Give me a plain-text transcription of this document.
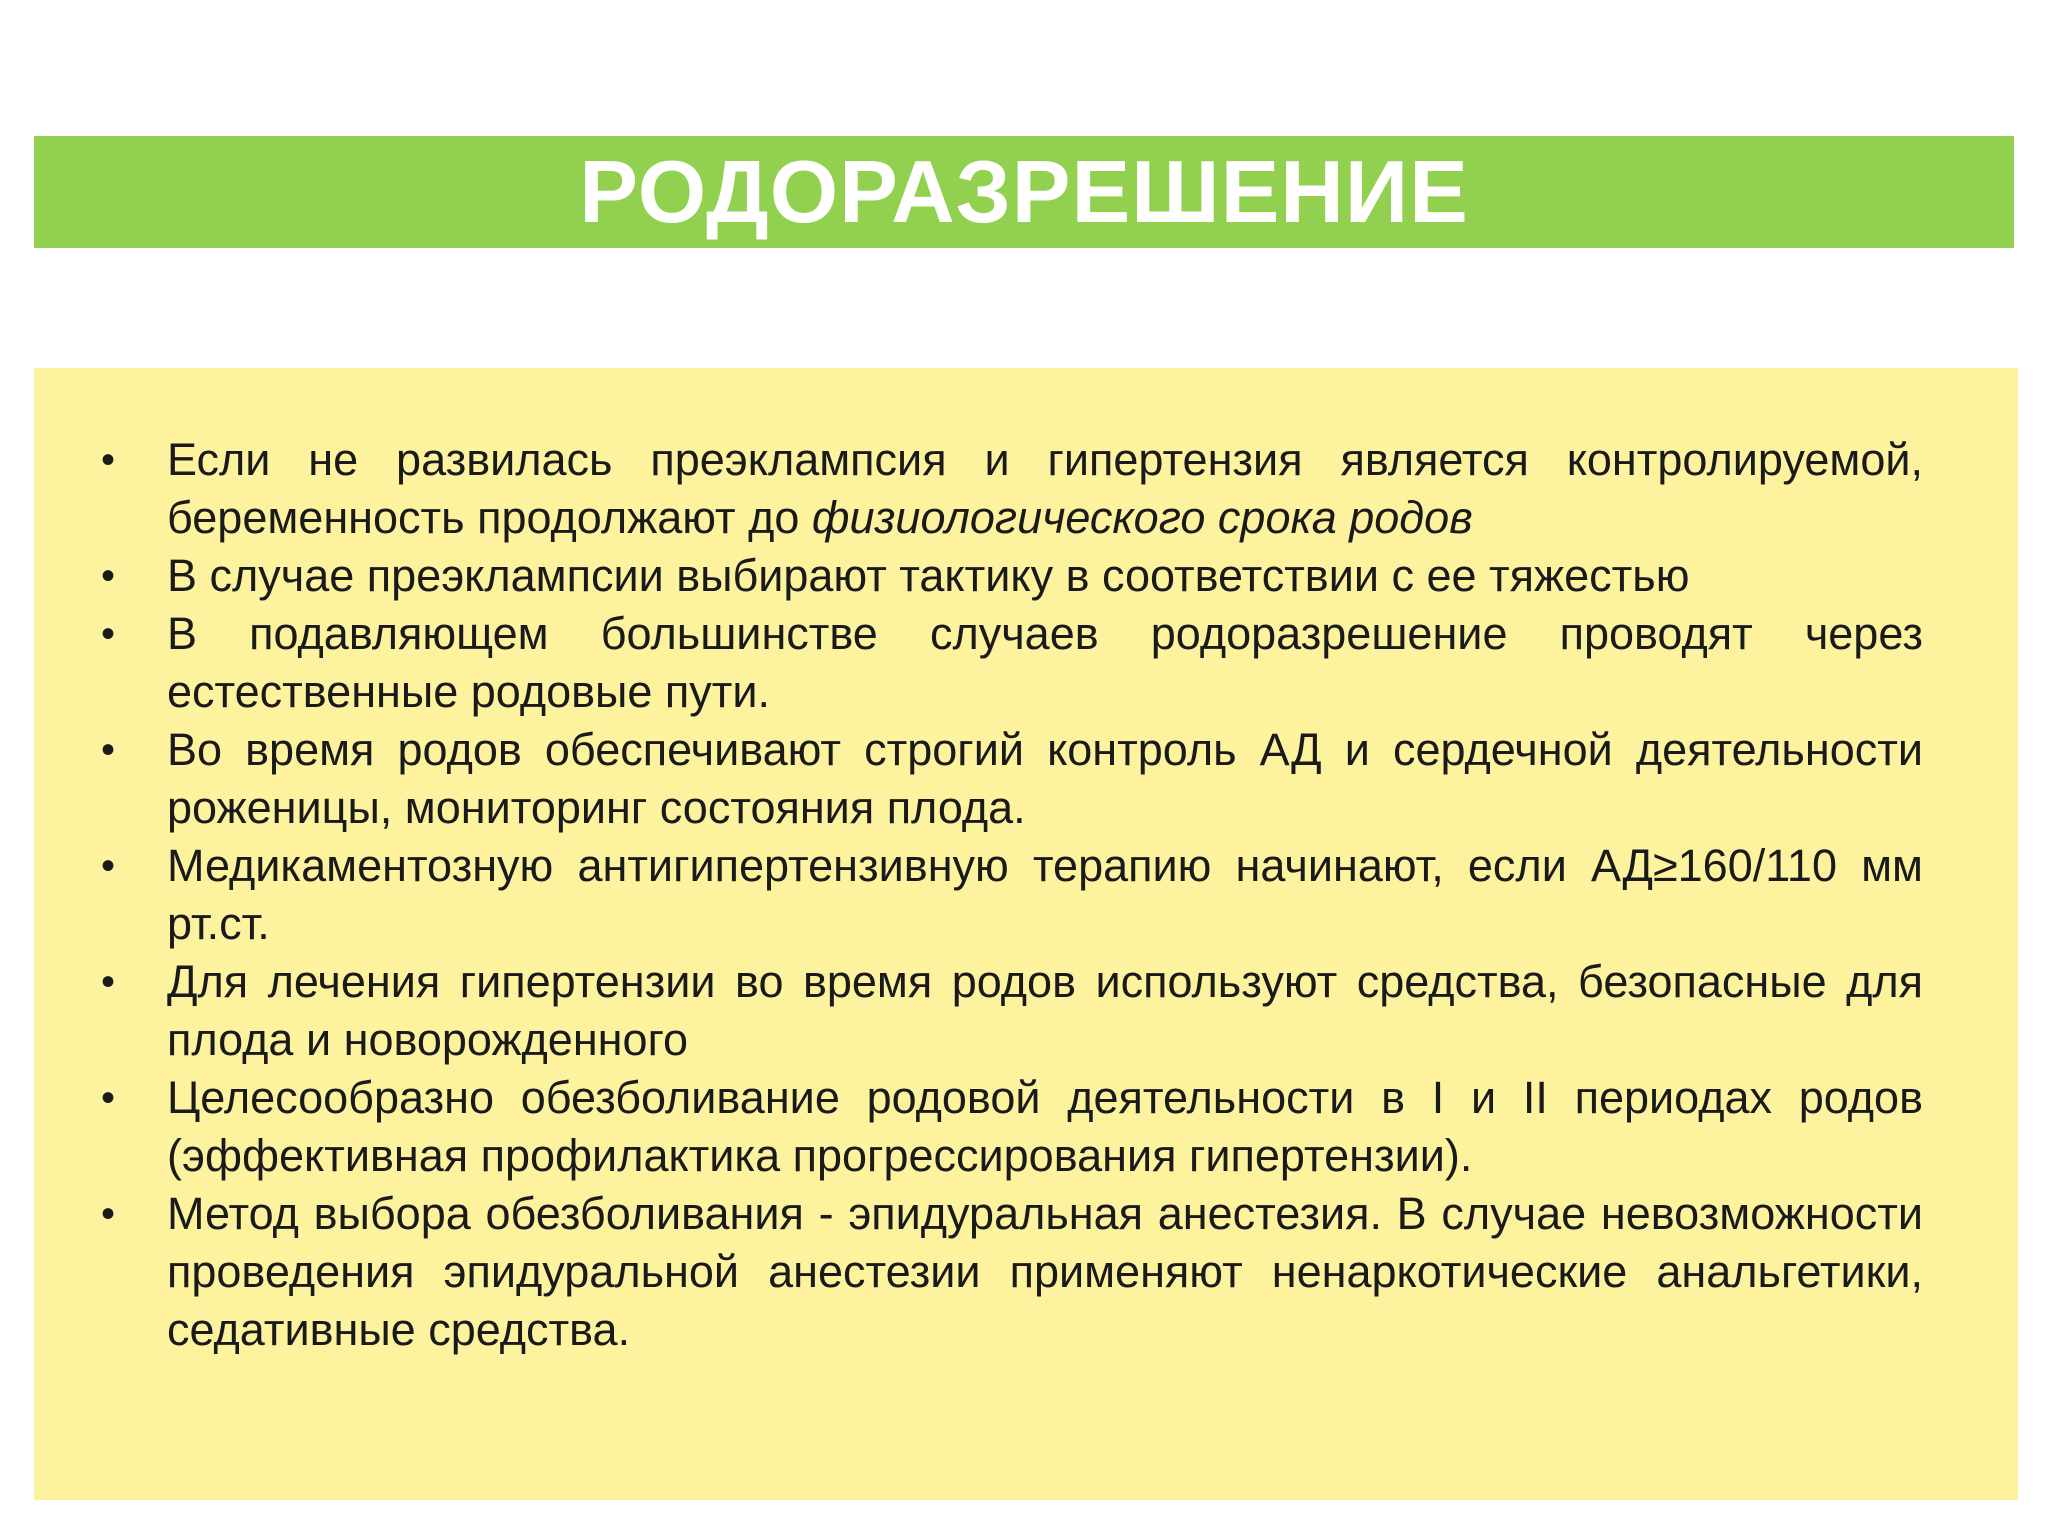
РОДОРАЗРЕШЕНИЕ
• Если не развилась преэклампсия и гипертензия является контролируемой, беременность продолжают до физиологического срока родов
• В случае преэклампсии выбирают тактику в соответствии с ее тяжестью
• В подавляющем большинстве случаев родоразрешение проводят через естественные родовые пути.
• Во время родов обеспечивают строгий контроль АД и сердечной деятельности роженицы, мониторинг состояния плода.
• Медикаментозную антигипертензивную терапию начинают, если АД≥160/110 мм рт.ст.
• Для лечения гипертензии во время родов используют средства, безопасные для плода и новорожденного
• Целесообразно обезболивание родовой деятельности в I и II периодах родов (эффективная профилактика прогрессирования гипертензии).
• Метод выбора обезболивания - эпидуральная анестезия. В случае невозможности проведения эпидуральной анестезии применяют ненаркотические анальгетики, седативные средства.
